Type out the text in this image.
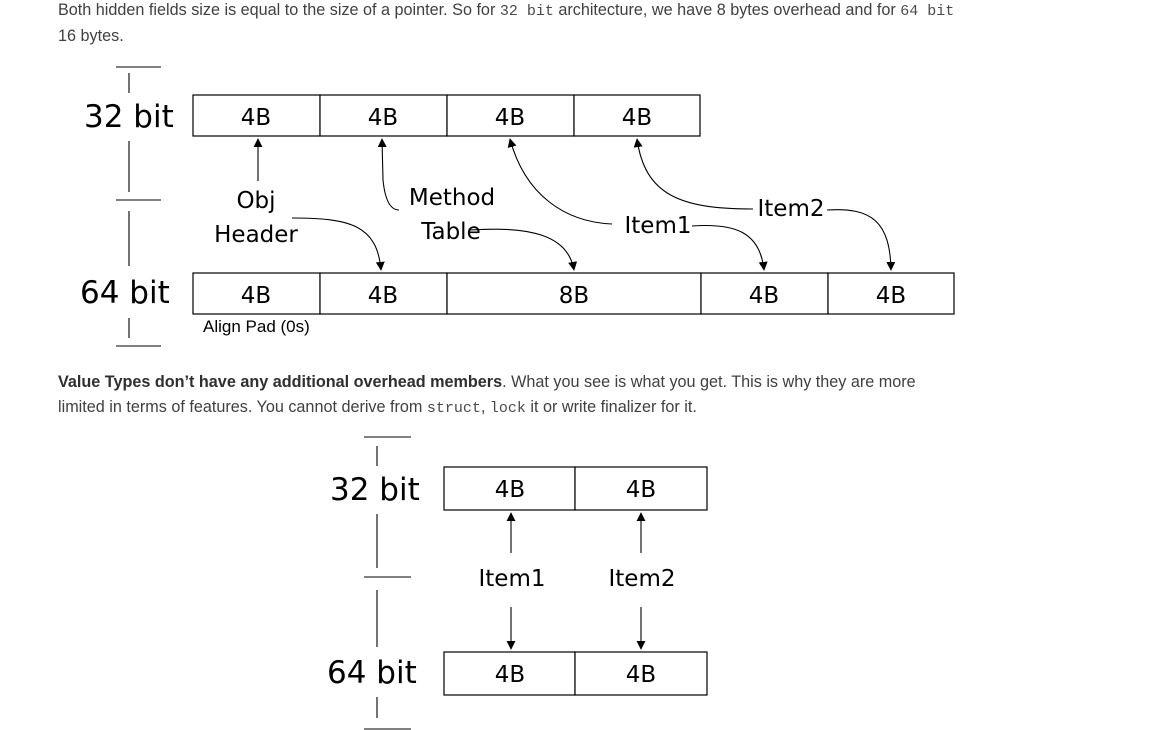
Both hidden fields size is equal to the size of a pointer. So for 32 bit architecture, we have 8 bytes overhead and for 64 bit 16 bytes.

32 bit
64 bit
4B	4B	4B	4B
4B	4B	8B	4B	4B
Obj
Header
Method
Table	Item1
Item2
Align Pad (0s)
32 bit
64 bit
4B	4B
4B	4B
Item1	Item2

Value Types don’t have any additional overhead members. What you see is what you get. This is why they are more limited in terms of features. You cannot derive from struct, lock it or write finalizer for it.
